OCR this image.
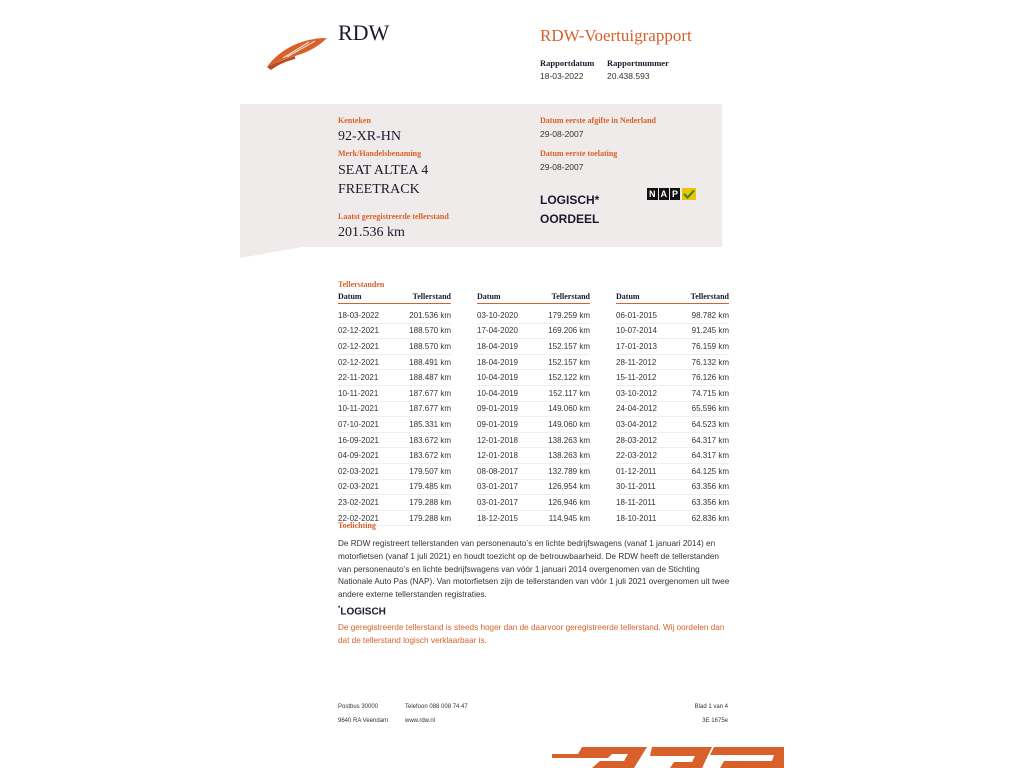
RDW	RDW-Voertuigrapport
Rapportdatum
18-03-2022
Rapportnummer
20.438.593
Kenteken
92-XR-HN
Merk/Handelsbenaming
SEAT ALTEA 4
FREETRACK
Laatst geregistreerde tellerstand
201.536 km
Datum eerste afgifte in Nederland
29-08-2007
Datum eerste toelating
29-08-2007
LOGISCH*
OORDEEL
N A P
Tellerstanden
Datum	Tellerstand
18-03-2022	201.536 km
02-12-2021	188.570 km
02-12-2021	188.570 km
02-12-2021	188.491 km
22-11-2021	188.487 km
10-11-2021	187.677 km
10-11-2021	187.677 km
07-10-2021	185.331 km
16-09-2021	183.672 km
04-09-2021	183.672 km
02-03-2021	179.507 km
02-03-2021	179.485 km
23-02-2021	179.288 km
22-02-2021	179.288 km
Datum	Tellerstand
03-10-2020	179.259 km
17-04-2020	169.206 km
18-04-2019	152.157 km
18-04-2019	152.157 km
10-04-2019	152.122 km
10-04-2019	152.117 km
09-01-2019	149.060 km
09-01-2019	149.060 km
12-01-2018	138.263 km
12-01-2018	138.263 km
08-08-2017	132.789 km
03-01-2017	126.954 km
03-01-2017	126.946 km
18-12-2015	114.945 km
Datum	Tellerstand
06-01-2015	98.782 km
10-07-2014	91.245 km
17-01-2013	76.159 km
28-11-2012	76.132 km
15-11-2012	76.126 km
03-10-2012	74.715 km
24-04-2012	65.596 km
03-04-2012	64.523 km
28-03-2012	64.317 km
22-03-2012	64.317 km
01-12-2011	64.125 km
30-11-2011	63.356 km
18-11-2011	63.356 km
18-10-2011	62.836 km
Toelichting
De RDW registreert tellerstanden van personenauto’s en lichte bedrijfswagens (vanaf 1 januari 2014) en motorfietsen (vanaf 1 juli 2021) en houdt toezicht op de betrouwbaarheid. De RDW heeft de tellerstanden van personenauto’s en lichte bedrijfswagens van vóór 1 januari 2014 overgenomen van de Stichting Nationale Auto Pas (NAP). Van motorfietsen zijn de tellerstanden van vóór 1 juli 2021 overgenomen uit twee andere externe tellerstanden registraties.
*LOGISCH
De geregistreerde tellerstand is steeds hoger dan de daarvoor geregistreerde tellerstand. Wij oordelen dan dat de tellerstand logisch verklaarbaar is.
Postbus 30000
9640 RA Veendam
Telefoon 088 008 74 47
www.rdw.nl
Blad 1 van 4
3E 1675e
